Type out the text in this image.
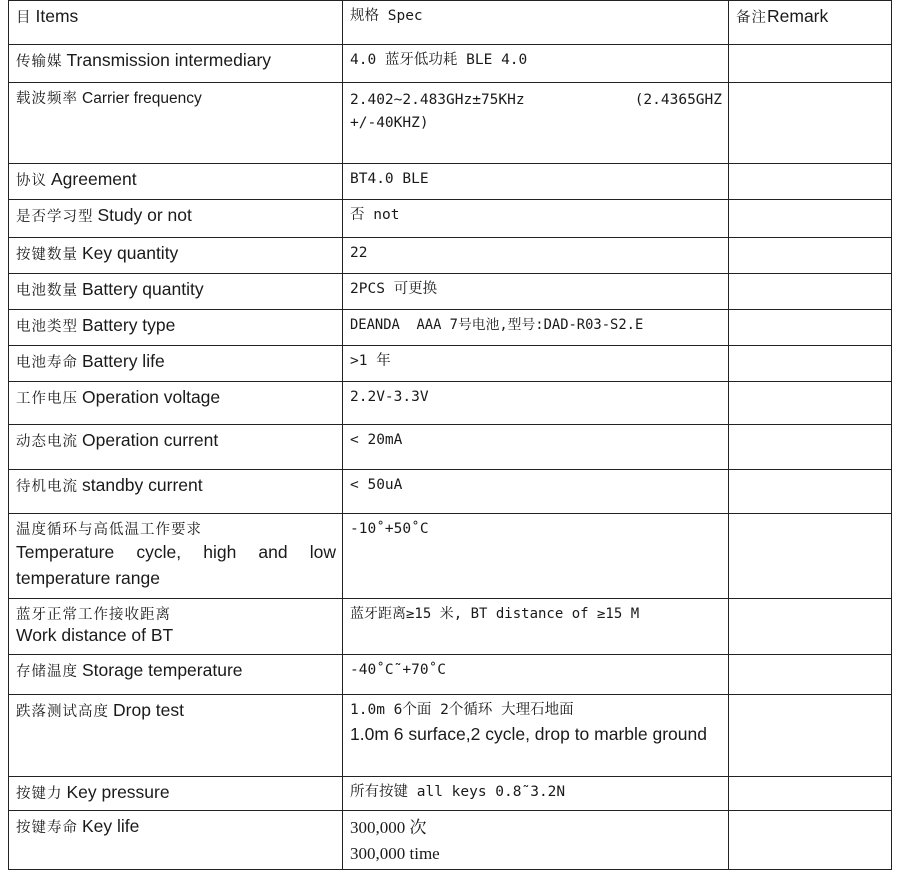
目 Items	规格 Spec	备注Remark
传输媒 Transmission intermediary	4.0 蓝牙低功耗 BLE 4.0	
载波频率 Carrier frequency	2.402~2.483GHz±75KHz (2.4365GHZ
+/-40KHZ)	

协议 Agreement	BT4.0 BLE	
是否学习型 Study or not	否 not	
按键数量 Key quantity	22	
电池数量 Battery quantity	2PCS 可更换	
电池类型 Battery type	DEANDA  AAA 7号电池,型号:DAD-R03-S2.E	
电池寿命 Battery life	>1 年	
工作电压 Operation voltage	2.2V-3.3V	
动态电流 Operation current	< 20mA	
待机电流 standby current	< 50uA	

温度循环与高低温工作要求
Temperature cycle, high and low temperature range	-10˚+50˚C	

蓝牙正常工作接收距离
Work distance of BT	蓝牙距离≥15 米, BT distance of ≥15 M	
存储温度 Storage temperature	-40˚C˜+70˚C	
跌落测试高度 Drop test	1.0m 6个面 2个循环 大理石地面
1.0m 6 surface,2 cycle, drop to marble ground	

按键力 Key pressure	所有按键 all keys 0.8˜3.2N	
按键寿命 Key life	300,000 次
300,000 time	
